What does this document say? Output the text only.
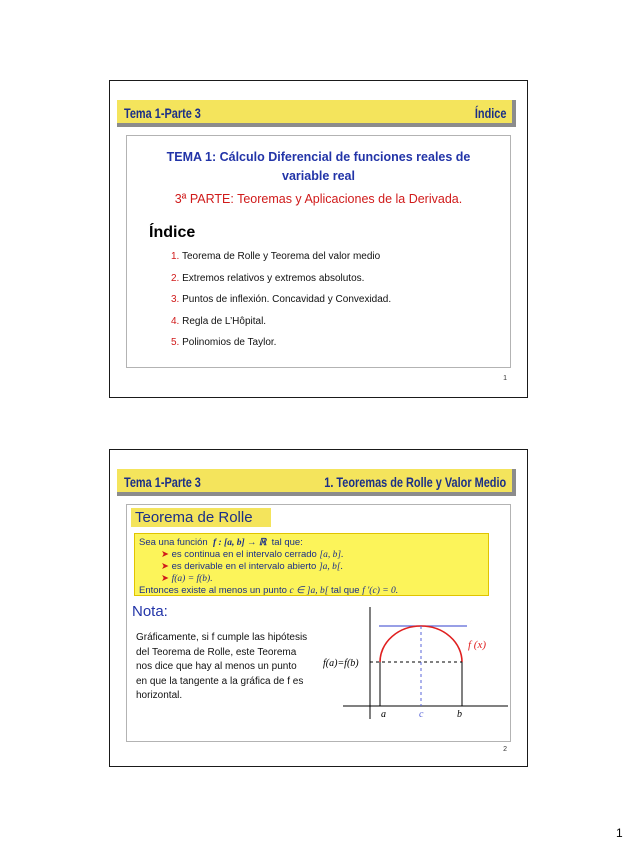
Tema 1-Parte 3	Índice
TEMA 1: Cálculo Diferencial de funciones reales de
variable real
3ª PARTE: Teoremas y Aplicaciones de la Derivada.
Índice
1. Teorema de Rolle y Teorema del valor medio
2. Extremos relativos y extremos absolutos.
3. Puntos de inflexión. Concavidad y Convexidad.
4. Regla de L’Hôpital.
5. Polinomios de Taylor.
1
Tema 1-Parte 3	1. Teoremas de Rolle y Valor Medio
Teorema de Rolle
Sea una función f : [a, b] → ℝ tal que:
➤ es continua en el intervalo cerrado [a, b].
➤ es derivable en el intervalo abierto ]a, b[.
➤ f(a) = f(b).
Entonces existe al menos un punto c ∈ ]a, b[ tal que f ′(c) = 0.
Nota:
Gráficamente, si f cumple las hipótesis del Teorema de Rolle, este Teorema nos dice que hay al menos un punto en que la tangente a la gráfica de f es horizontal.
f (x)
f(a)=f(b)
a	c	b
2
1
